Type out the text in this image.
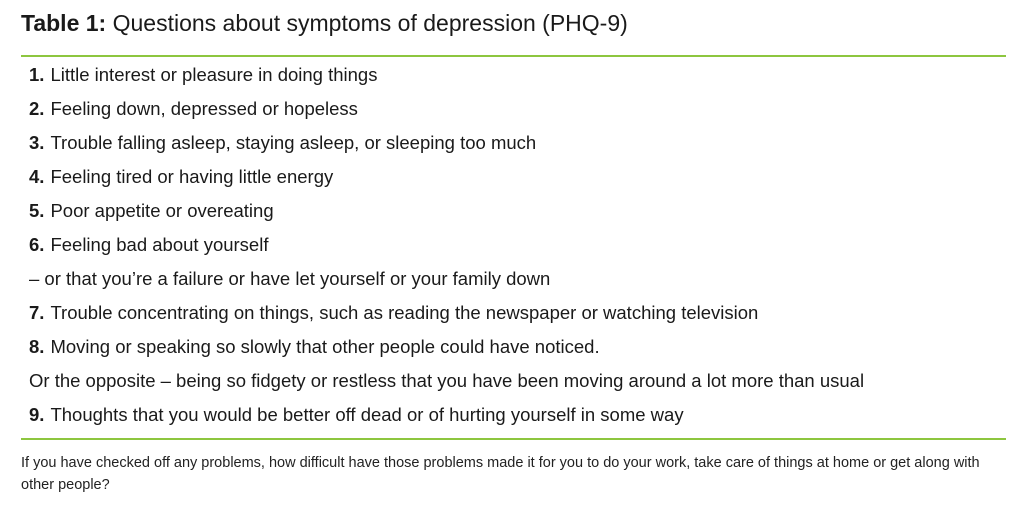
Table 1: Questions about symptoms of depression (PHQ-9)
1. Little interest or pleasure in doing things
2. Feeling down, depressed or hopeless
3. Trouble falling asleep, staying asleep, or sleeping too much
4. Feeling tired or having little energy
5. Poor appetite or overeating
6. Feeling bad about yourself
– or that you’re a failure or have let yourself or your family down
7. Trouble concentrating on things, such as reading the newspaper or watching television
8. Moving or speaking so slowly that other people could have noticed.
Or the opposite – being so fidgety or restless that you have been moving around a lot more than usual
9. Thoughts that you would be better off dead or of hurting yourself in some way
If you have checked off any problems, how difficult have those problems made it for you to do your work, take care of things at home or get along with other people?
